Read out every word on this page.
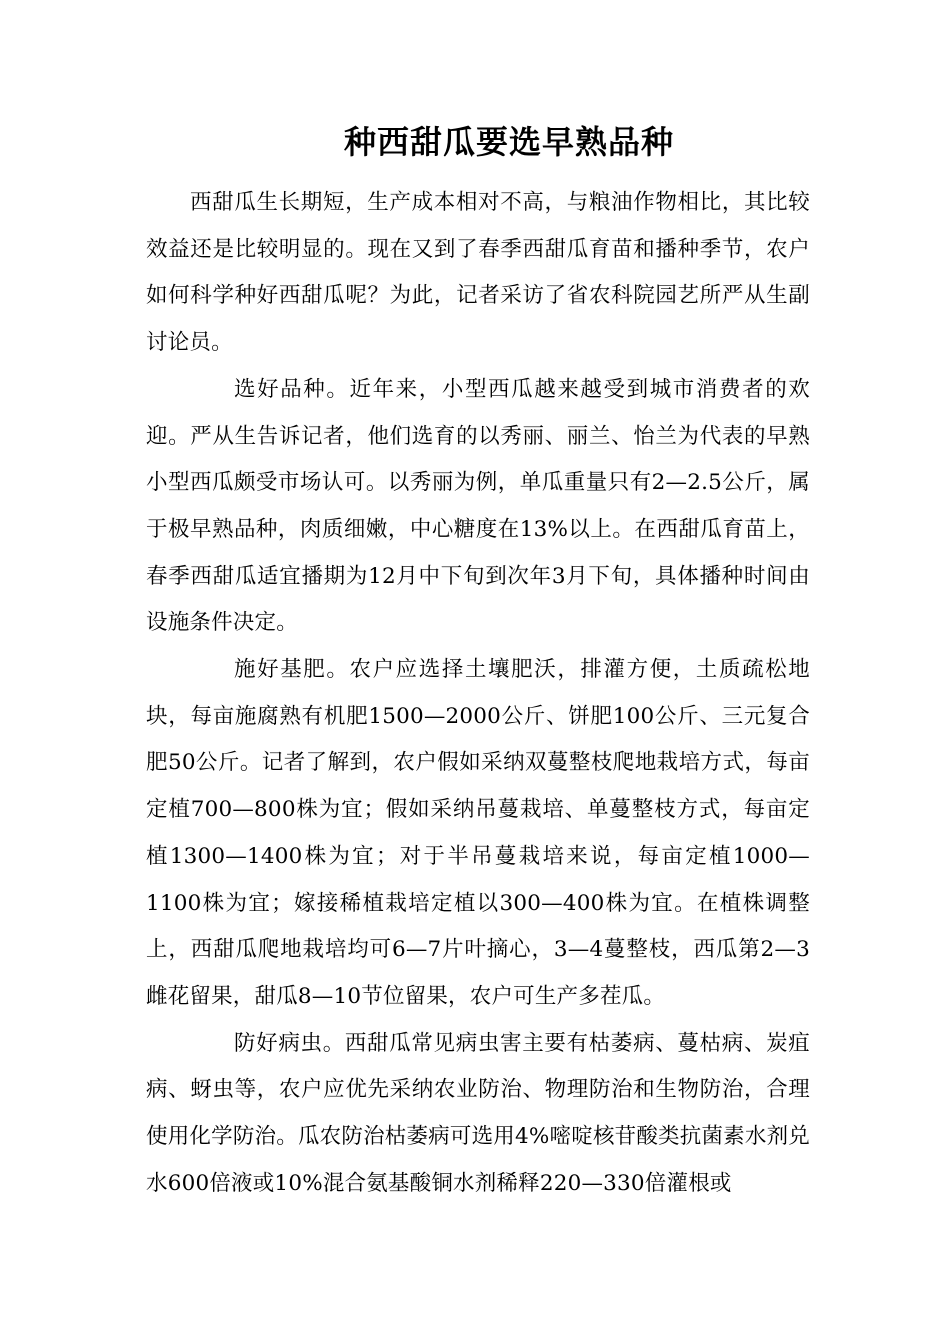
种西甜瓜要选早熟品种

西甜瓜生长期短，生产成本相对不高，与粮油作物相比，其比较效益还是比较明显的。现在又到了春季西甜瓜育苗和播种季节，农户如何科学种好西甜瓜呢？为此，记者采访了省农科院园艺所严从生副讨论员。

选好品种。近年来，小型西瓜越来越受到城市消费者的欢迎。严从生告诉记者，他们选育的以秀丽、丽兰、怡兰为代表的早熟小型西瓜颇受市场认可。以秀丽为例，单瓜重量只有2—2.5公斤，属于极早熟品种，肉质细嫩，中心糖度在13%以上。在西甜瓜育苗上，春季西甜瓜适宜播期为12月中下旬到次年3月下旬，具体播种时间由设施条件决定。

施好基肥。农户应选择土壤肥沃，排灌方便，土质疏松地块，每亩施腐熟有机肥1500—2000公斤、饼肥100公斤、三元复合肥50公斤。记者了解到，农户假如采纳双蔓整枝爬地栽培方式，每亩定植700—800株为宜；假如采纳吊蔓栽培、单蔓整枝方式，每亩定植1300—1400株为宜；对于半吊蔓栽培来说，每亩定植1000—1100株为宜；嫁接稀植栽培定植以300—400株为宜。在植株调整上，西甜瓜爬地栽培均可6—7片叶摘心，3—4蔓整枝，西瓜第2—3雌花留果，甜瓜8—10节位留果，农户可生产多茬瓜。

防好病虫。西甜瓜常见病虫害主要有枯萎病、蔓枯病、炭疽病、蚜虫等，农户应优先采纳农业防治、物理防治和生物防治，合理使用化学防治。瓜农防治枯萎病可选用4%嘧啶核苷酸类抗菌素水剂兑水600倍液或10%混合氨基酸铜水剂稀释220—330倍灌根或
